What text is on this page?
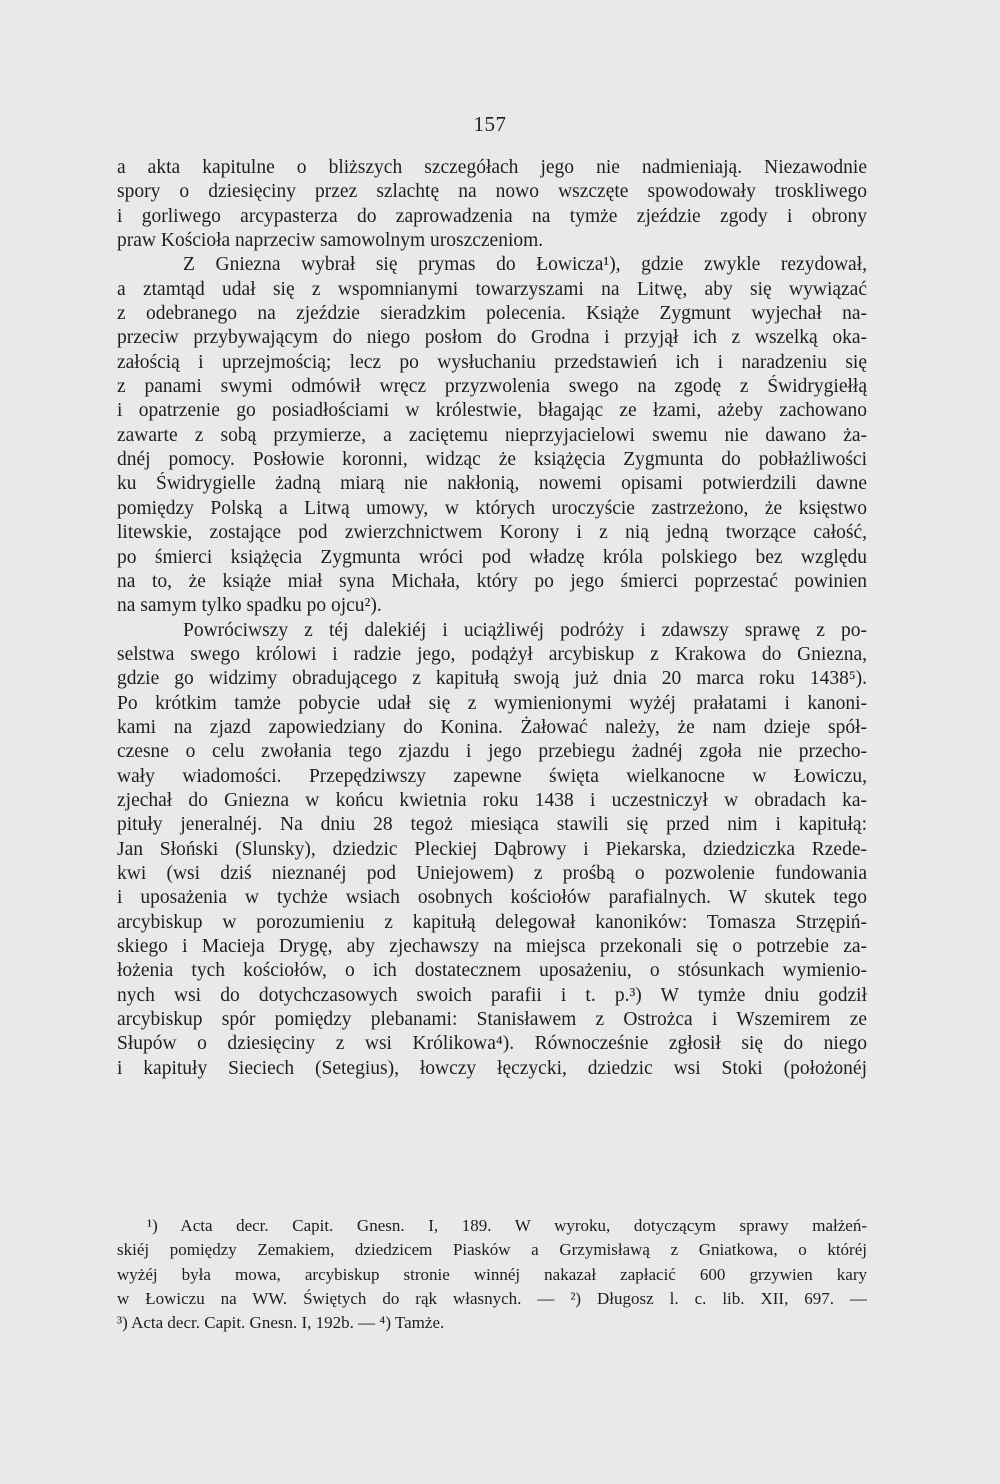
157
a akta kapitulne o bliższych szczegółach jego nie nadmieniają. Niezawodnie
spory o dziesięciny przez szlachtę na nowo wszczęte spowodowały troskliwego
i gorliwego arcypasterza do zaprowadzenia na tymże zjeździe zgody i obrony
praw Kościoła naprzeciw samowolnym uroszczeniom.
Z Gniezna wybrał się prymas do Łowicza¹), gdzie zwykle rezydował,
a ztamtąd udał się z wspomnianymi towarzyszami na Litwę, aby się wywiązać
z odebranego na zjeździe sieradzkim polecenia. Książe Zygmunt wyjechał na-
przeciw przybywającym do niego posłom do Grodna i przyjął ich z wszelką oka-
załością i uprzejmością; lecz po wysłuchaniu przedstawień ich i naradzeniu się
z panami swymi odmówił wręcz przyzwolenia swego na zgodę z Świdrygiełłą
i opatrzenie go posiadłościami w królestwie, błagając ze łzami, ażeby zachowano
zawarte z sobą przymierze, a zaciętemu nieprzyjacielowi swemu nie dawano ża-
dnéj pomocy. Posłowie koronni, widząc że książęcia Zygmunta do pobłażliwości
ku Świdrygielle żadną miarą nie nakłonią, nowemi opisami potwierdzili dawne
pomiędzy Polską a Litwą umowy, w których uroczyście zastrzeżono, że księstwo
litewskie, zostające pod zwierzchnictwem Korony i z nią jedną tworzące całość,
po śmierci książęcia Zygmunta wróci pod władzę króla polskiego bez względu
na to, że książe miał syna Michała, który po jego śmierci poprzestać powinien
na samym tylko spadku po ojcu²).
Powróciwszy z téj dalekiéj i uciążliwéj podróży i zdawszy sprawę z po-
selstwa swego królowi i radzie jego, podążył arcybiskup z Krakowa do Gniezna,
gdzie go widzimy obradującego z kapitułą swoją już dnia 20 marca roku 1438⁵).
Po krótkim tamże pobycie udał się z wymienionymi wyżéj prałatami i kanoni-
kami na zjazd zapowiedziany do Konina. Żałować należy, że nam dzieje spół-
czesne o celu zwołania tego zjazdu i jego przebiegu żadnéj zgoła nie przecho-
wały wiadomości. Przepędziwszy zapewne święta wielkanocne w Łowiczu,
zjechał do Gniezna w końcu kwietnia roku 1438 i uczestniczył w obradach ka-
pituły jeneralnéj. Na dniu 28 tegoż miesiąca stawili się przed nim i kapitułą:
Jan Słoński (Slunsky), dziedzic Pleckiej Dąbrowy i Piekarska, dziedziczka Rzede-
kwi (wsi dziś nieznanéj pod Uniejowem) z prośbą o pozwolenie fundowania
i uposażenia w tychże wsiach osobnych kościołów parafialnych. W skutek tego
arcybiskup w porozumieniu z kapitułą delegował kanoników: Tomasza Strzępiń-
skiego i Macieja Drygę, aby zjechawszy na miejsca przekonali się o potrzebie za-
łożenia tych kościołów, o ich dostatecznem uposażeniu, o stósunkach wymienio-
nych wsi do dotychczasowych swoich parafii i t. p.³) W tymże dniu godził
arcybiskup spór pomiędzy plebanami: Stanisławem z Ostrożca i Wszemirem ze
Słupów o dziesięciny z wsi Królikowa⁴). Równocześnie zgłosił się do niego
i kapituły Sieciech (Setegius), łowczy łęczycki, dziedzic wsi Stoki (położonéj
¹) Acta decr. Capit. Gnesn. I, 189. W wyroku, dotyczącym sprawy małżeń-
skiéj pomiędzy Zemakiem, dziedzicem Piasków a Grzymisławą z Gniatkowa, o któréj
wyżéj była mowa, arcybiskup stronie winnéj nakazał zapłacić 600 grzywien kary
w Łowiczu na WW. Świętych do rąk własnych. — ²) Długosz l. c. lib. XII, 697. —
³) Acta decr. Capit. Gnesn. I, 192b. — ⁴) Tamże.
